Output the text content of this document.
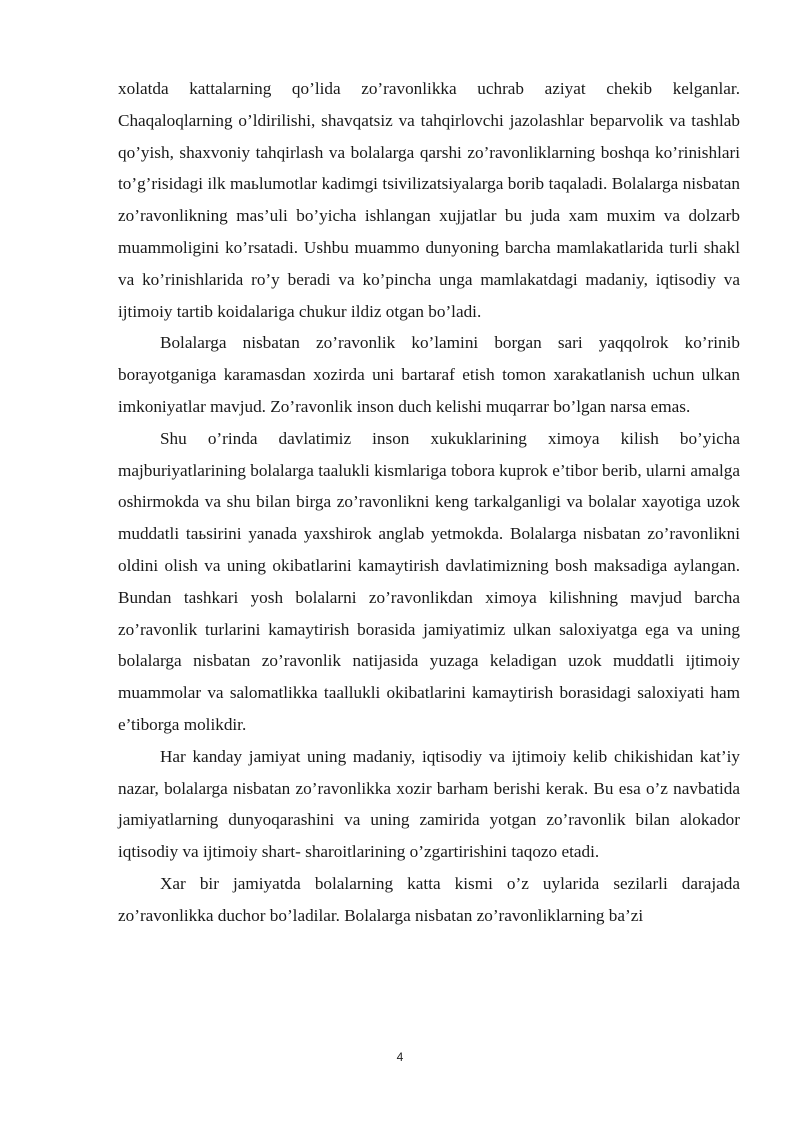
xolatda kattalarning qo’lida zo’ravonlikka uchrab aziyat chekib kelganlar. Chaqaloqlarning o’ldirilishi, shavqatsiz va tahqirlovchi jazolashlar beparvolik va tashlab qo’yish, shaxvoniy tahqirlash va bolalarga qarshi zo’ravonliklarning boshqa ko’rinishlari to’g’risidagi ilk maьlumotlar kadimgi tsivilizatsiyalarga borib taqaladi. Bolalarga nisbatan zo’ravonlikning mas’uli bo’yicha ishlangan xujjatlar bu juda xam muxim va dolzarb muammoligini ko’rsatadi. Ushbu muammo dunyoning barcha mamlakatlarida turli shakl va ko’rinishlarida ro’y beradi va ko’pincha unga mamlakatdagi madaniy, iqtisodiy va ijtimoiy tartib koidalariga chukur ildiz otgan bo’ladi.

Bolalarga nisbatan zo’ravonlik ko’lamini borgan sari yaqqolrok ko’rinib borayotganiga karamasdan xozirda uni bartaraf etish tomon xarakatlanish uchun ulkan imkoniyatlar mavjud. Zo’ravonlik inson duch kelishi muqarrar bo’lgan narsa emas.

Shu o’rinda davlatimiz inson xukuklarining ximoya kilish bo’yicha majburiyatlarining bolalarga taalukli kismlariga tobora kuprok e’tibor berib, ularni amalga oshirmokda va shu bilan birga zo’ravonlikni keng tarkalganligi va bolalar xayotiga uzok muddatli taьsirini yanada yaxshirok anglab yetmokda. Bolalarga nisbatan zo’ravonlikni oldini olish va uning okibatlarini kamaytirish davlatimizning bosh maksadiga aylangan. Bundan tashkari yosh bolalarni zo’ravonlikdan ximoya kilishning mavjud barcha zo’ravonlik turlarini kamaytirish borasida jamiyatimiz ulkan saloxiyatga ega va uning bolalarga nisbatan zo’ravonlik natijasida yuzaga keladigan uzok muddatli ijtimoiy muammolar va salomatlikka taallukli okibatlarini kamaytirish borasidagi saloxiyati ham e’tiborga molikdir.

Har kanday jamiyat uning madaniy, iqtisodiy va ijtimoiy kelib chikishidan kat’iy nazar, bolalarga nisbatan zo’ravonlikka xozir barham berishi kerak. Bu esa o’z navbatida jamiyatlarning dunyoqarashini va uning zamirida yotgan zo’ravonlik bilan alokador iqtisodiy va ijtimoiy shart- sharoitlarining o’zgartirishini taqozo etadi.

Xar bir jamiyatda bolalarning katta kismi o’z uylarida sezilarli darajada zo’ravonlikka duchor bo’ladilar. Bolalarga nisbatan zo’ravonliklarning ba’zi

4
